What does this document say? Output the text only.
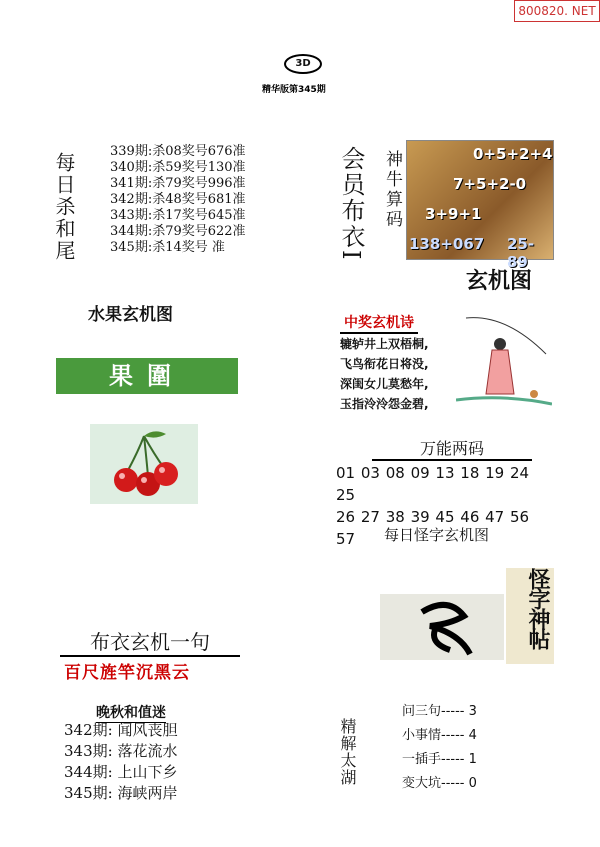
800820. NET
3D
精华版第345期
每日杀和尾
339期:杀08奖号676准
340期:杀59奖号130准
341期:杀79奖号996准
342期:杀48奖号681准
343期:杀17奖号645准
344期:杀79奖号622准
345期:杀14奖号 准	会员布衣I 神牛算码	0+5+2+4
7+5+2-0
3+9+1
138+067 25-89
玄机图
水果玄机图
果圍
中奖玄机诗
辘轳井上双梧桐,
飞鸟衔花日将没,
深闺女儿莫愁年,
玉指泠泠怨金碧,
万能两码
01 03 08 09 13 18 19 24 25
26 27 38 39 45 46 47 56 57	每日怪字玄机图
怪字神帖
布衣玄机一句
百尺旌竿沉黑云
晚秋和值迷
342期: 闻风丧胆
343期: 落花流水
344期: 上山下乡
345期: 海峡两岸
精解太湖
问三句----- 3
小事情----- 4
一插手----- 1
变大坑----- 0
